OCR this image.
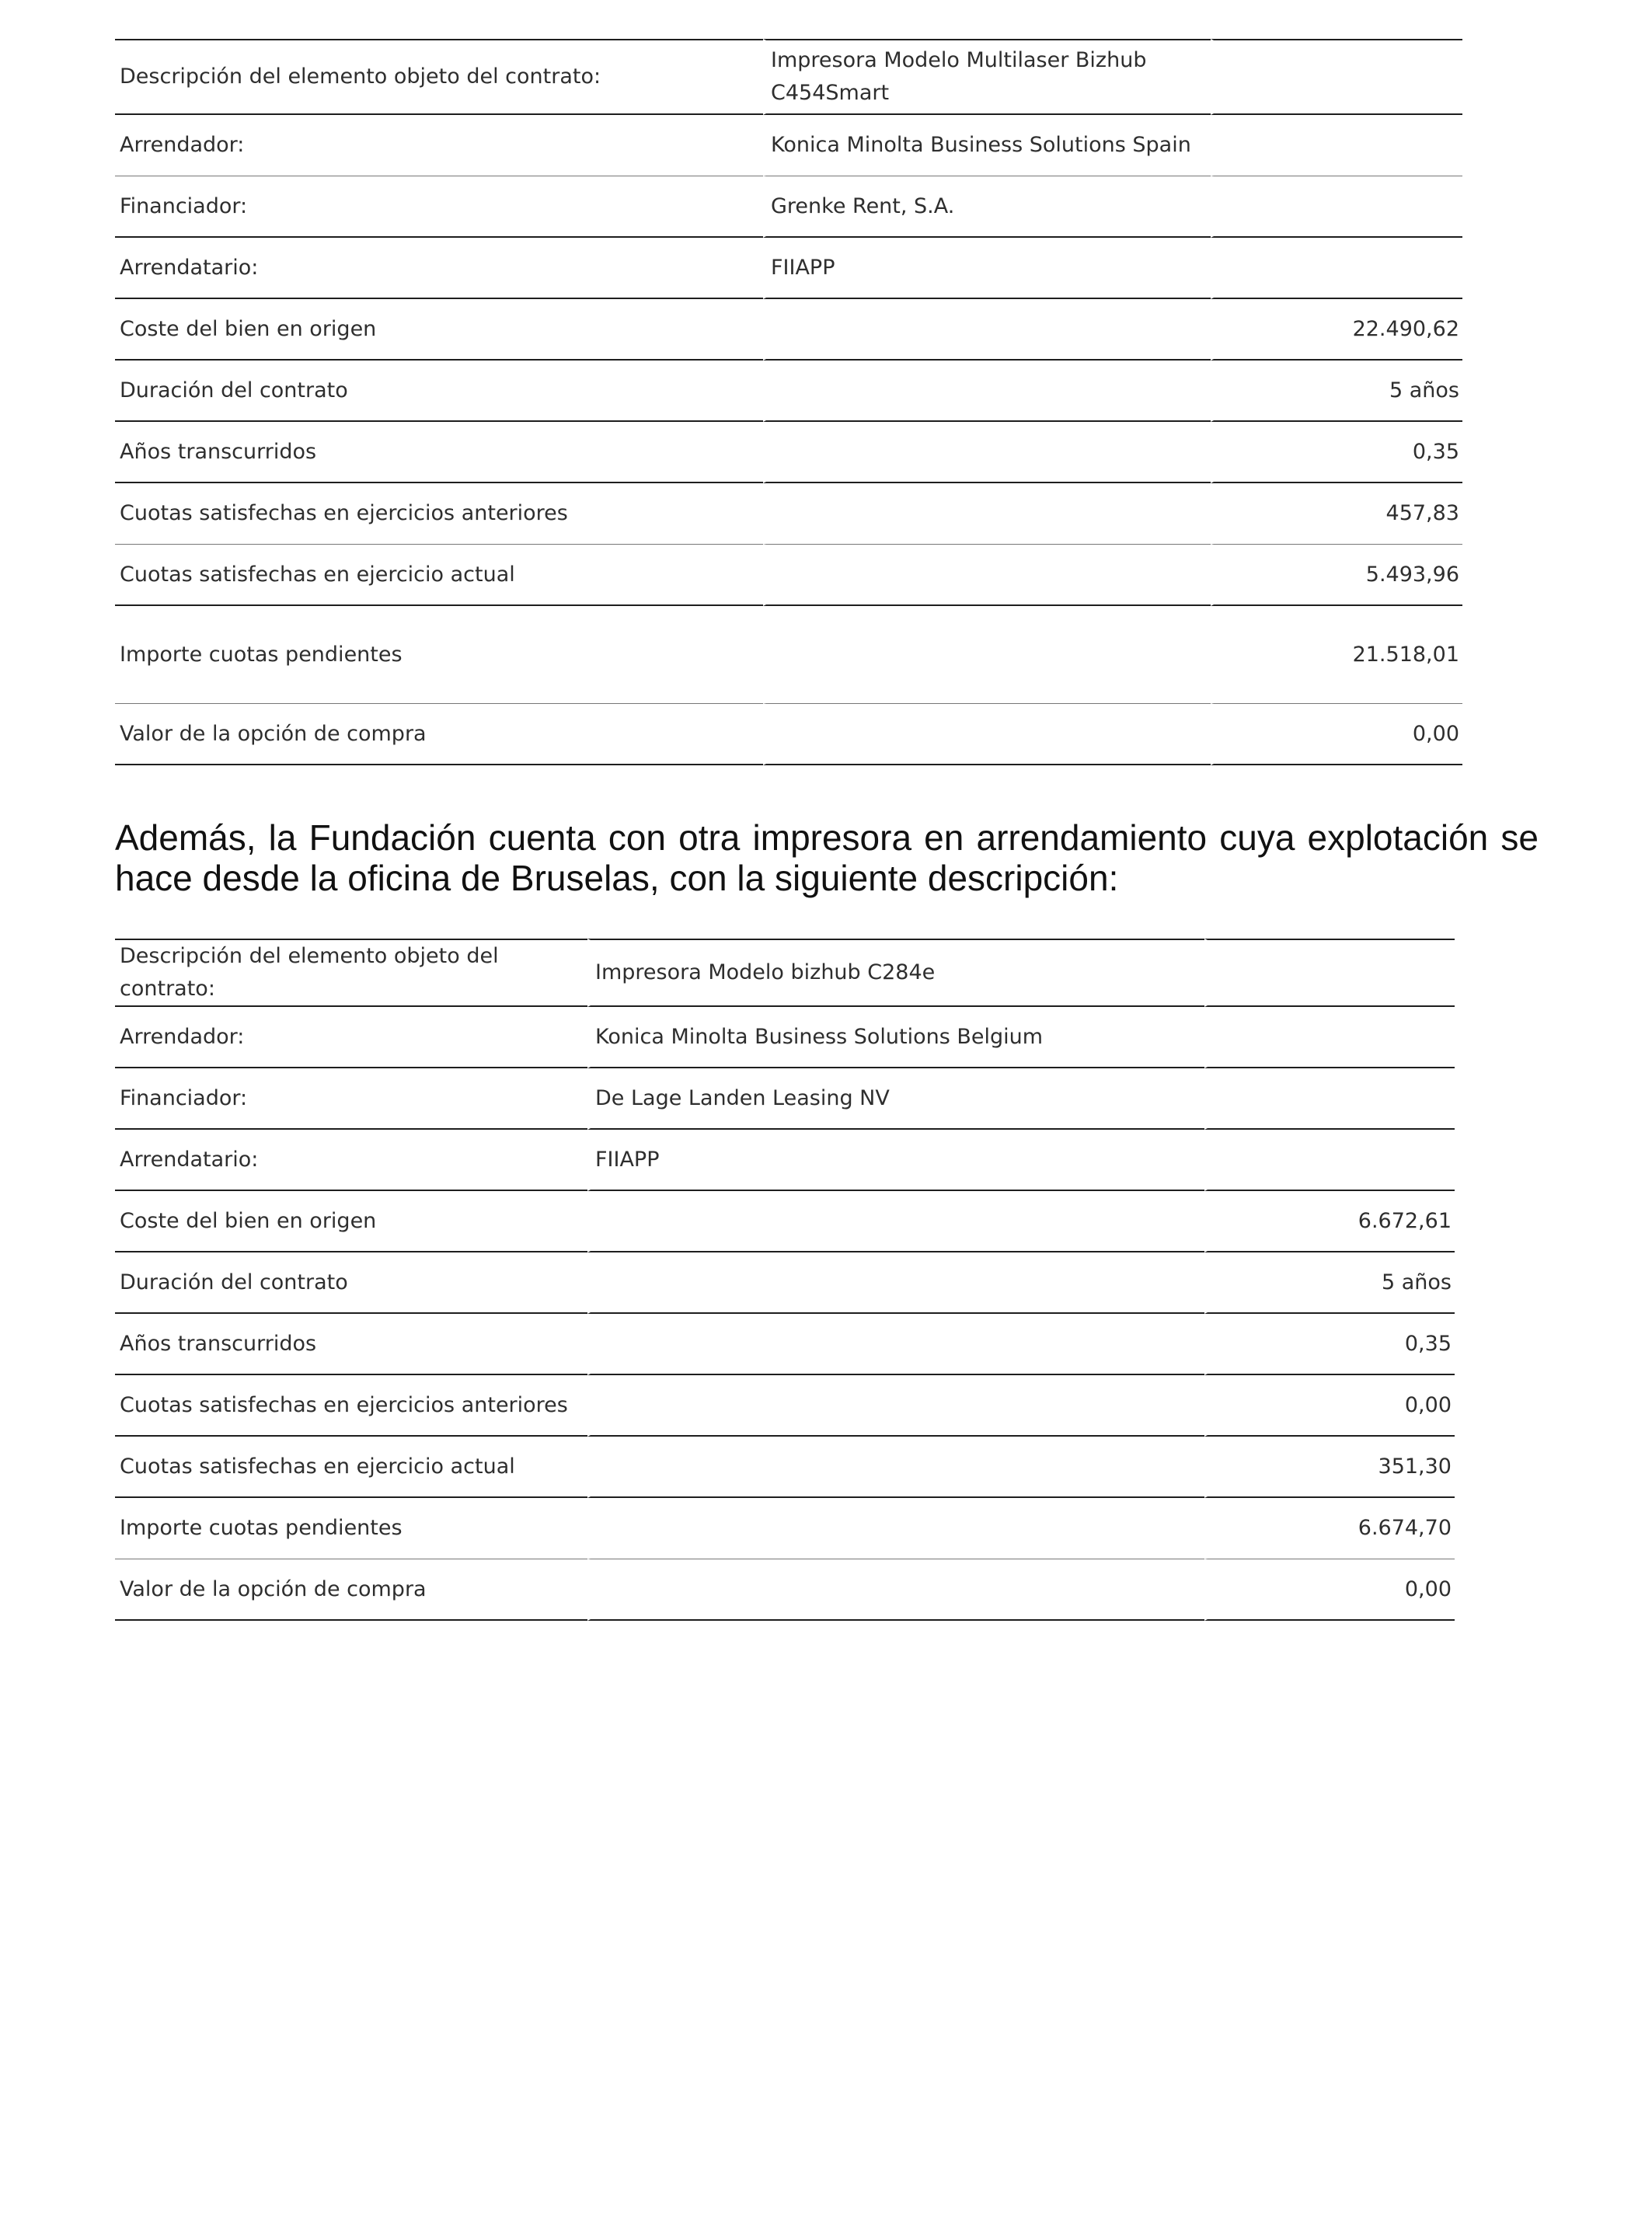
Descripción del elemento objeto del contrato:	Impresora Modelo Multilaser Bizhub C454Smart	
Arrendador:	Konica Minolta Business Solutions Spain	
Financiador:	Grenke Rent, S.A.	
Arrendatario:	FIIAPP	
Coste del bien en origen		22.490,62
Duración del contrato		5 años
Años transcurridos		0,35
Cuotas satisfechas en ejercicios anteriores		457,83
Cuotas satisfechas en ejercicio actual		5.493,96
Importe cuotas pendientes		21.518,01
Valor de la opción de compra		0,00

Además, la Fundación cuenta con otra impresora en arrendamiento cuya explotación se hace desde la oficina de Bruselas, con la siguiente descripción:

Descripción del elemento objeto del contrato:	Impresora Modelo bizhub C284e	
Arrendador:	Konica Minolta Business Solutions Belgium	
Financiador:	De Lage Landen Leasing NV	
Arrendatario:	FIIAPP	
Coste del bien en origen		6.672,61
Duración del contrato		5 años
Años transcurridos		0,35
Cuotas satisfechas en ejercicios anteriores		0,00
Cuotas satisfechas en ejercicio actual		351,30
Importe cuotas pendientes		6.674,70
Valor de la opción de compra		0,00
